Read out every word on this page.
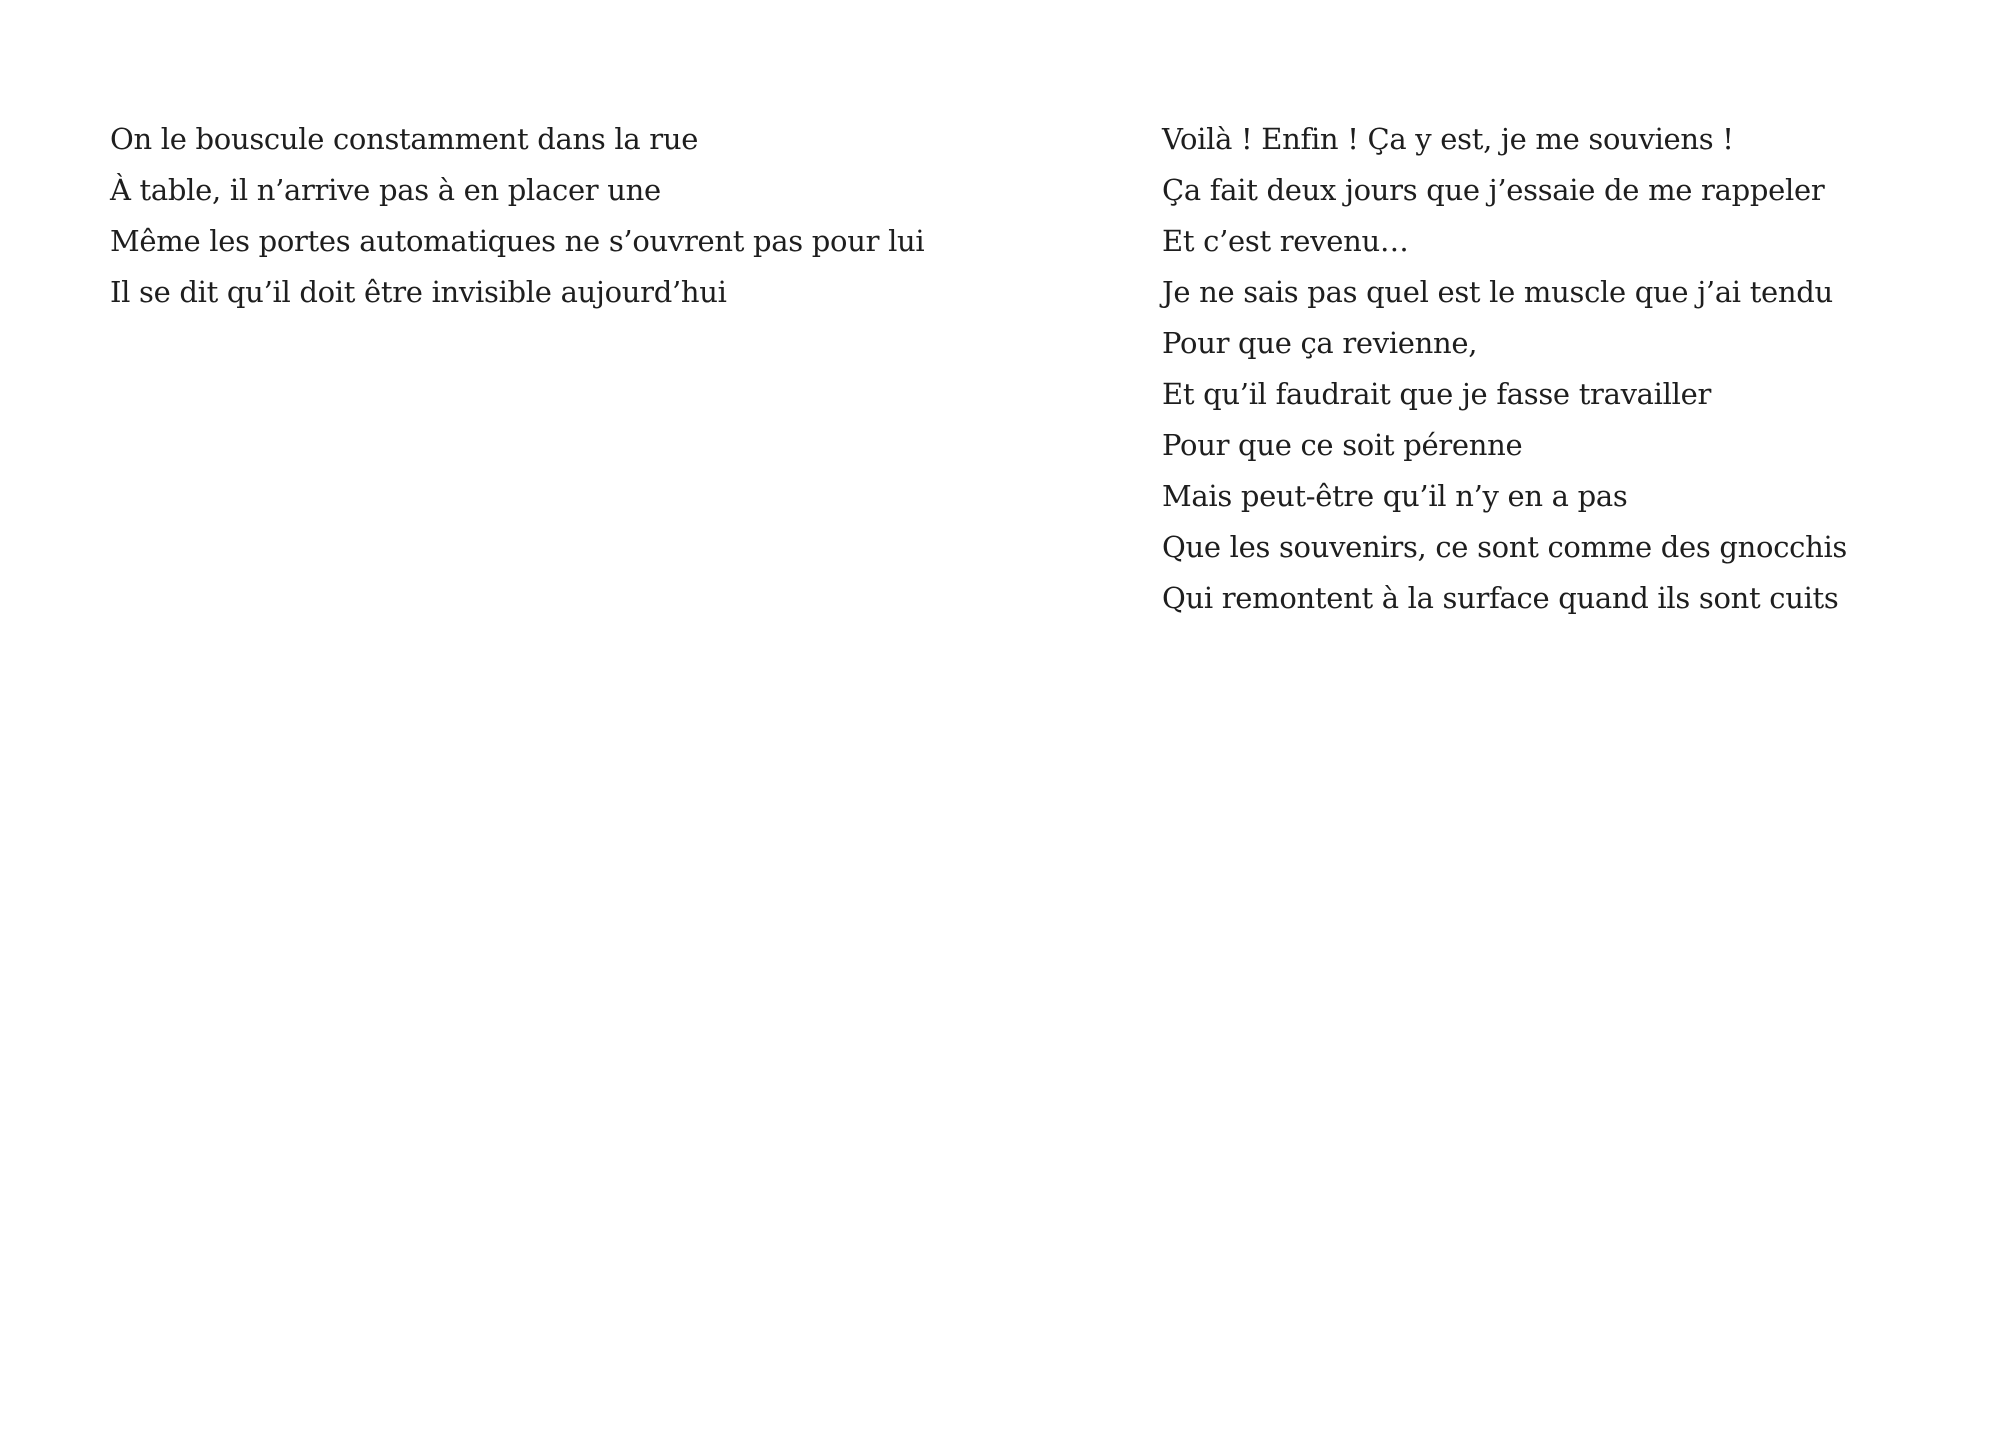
On le bouscule constamment dans la rue
À table, il n’arrive pas à en placer une
Même les portes automatiques ne s’ouvrent pas pour lui
Il se dit qu’il doit être invisible aujourd’hui
Voilà ! Enfin ! Ça y est, je me souviens !
Ça fait deux jours que j’essaie de me rappeler
Et c’est revenu…
Je ne sais pas quel est le muscle que j’ai tendu
Pour que ça revienne,
Et qu’il faudrait que je fasse travailler
Pour que ce soit pérenne
Mais peut-être qu’il n’y en a pas
Que les souvenirs, ce sont comme des gnocchis
Qui remontent à la surface quand ils sont cuits
